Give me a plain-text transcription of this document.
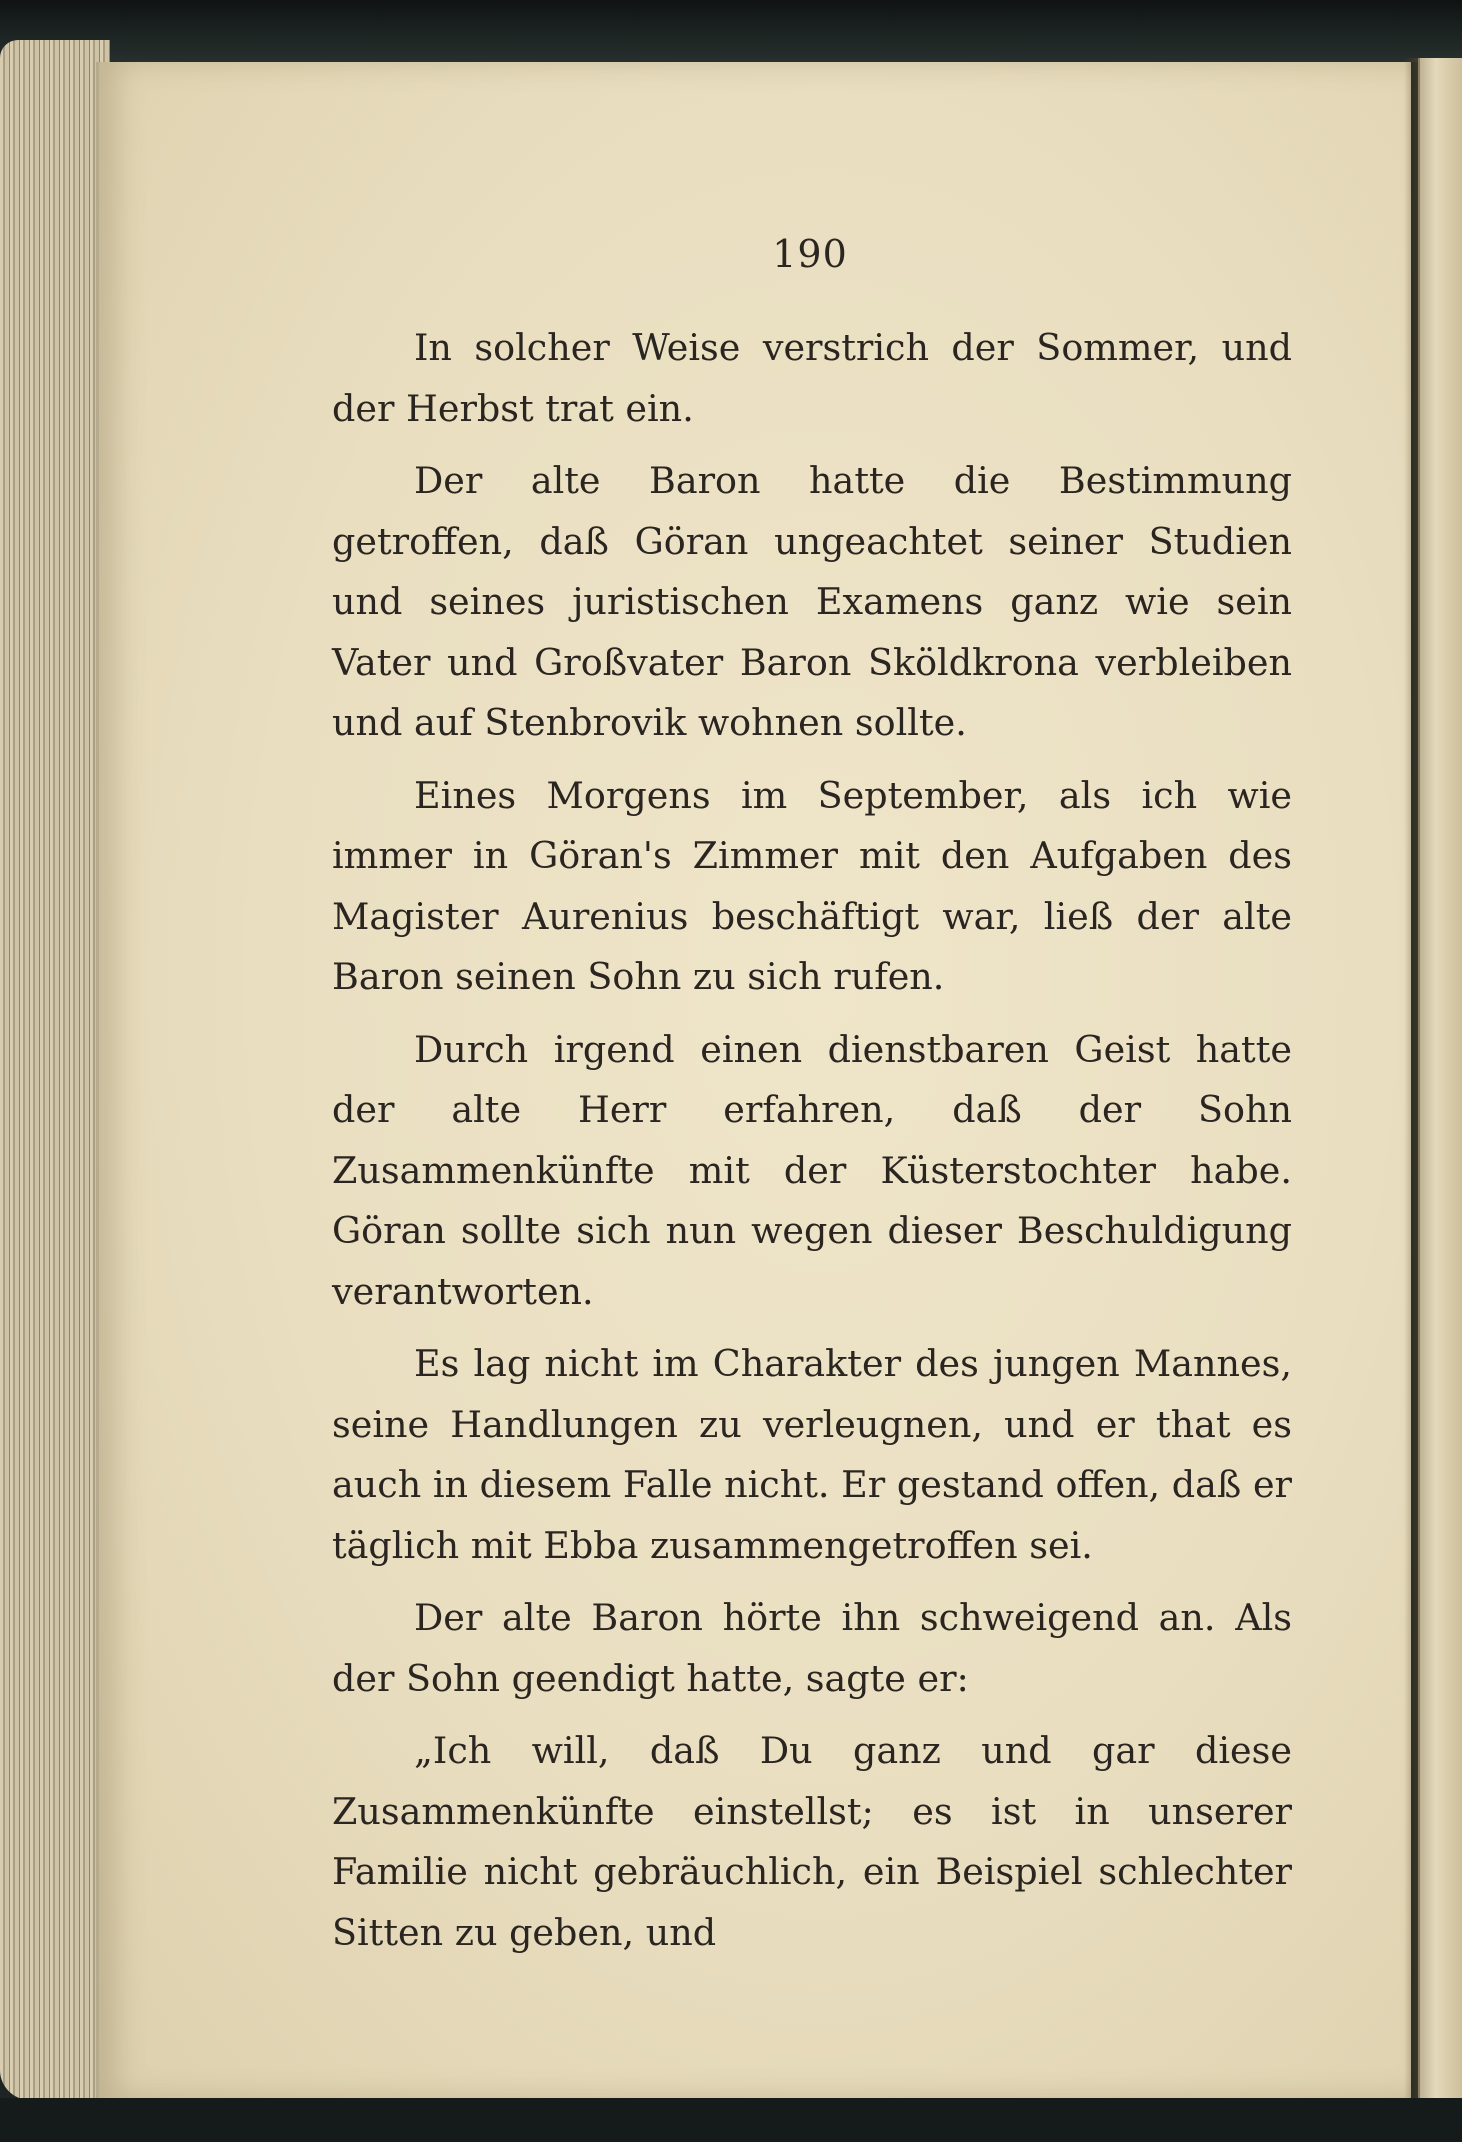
190

In solcher Weise verstrich der Sommer, und der Herbst trat ein.

Der alte Baron hatte die Bestimmung getroffen, daß Göran ungeachtet seiner Studien und seines juristischen Examens ganz wie sein Vater und Großvater Baron Sköldkrona verbleiben und auf Stenbrovik wohnen sollte.

Eines Morgens im September, als ich wie immer in Göran's Zimmer mit den Aufgaben des Magister Aurenius beschäftigt war, ließ der alte Baron seinen Sohn zu sich rufen.

Durch irgend einen dienstbaren Geist hatte der alte Herr erfahren, daß der Sohn Zusammenkünfte mit der Küsterstochter habe. Göran sollte sich nun wegen dieser Beschuldigung verantworten.

Es lag nicht im Charakter des jungen Mannes, seine Handlungen zu verleugnen, und er that es auch in diesem Falle nicht. Er gestand offen, daß er täglich mit Ebba zusammengetroffen sei.

Der alte Baron hörte ihn schweigend an. Als der Sohn geendigt hatte, sagte er:

„Ich will, daß Du ganz und gar diese Zusammenkünfte einstellst; es ist in unserer Familie nicht gebräuchlich, ein Beispiel schlechter Sitten zu geben, und
